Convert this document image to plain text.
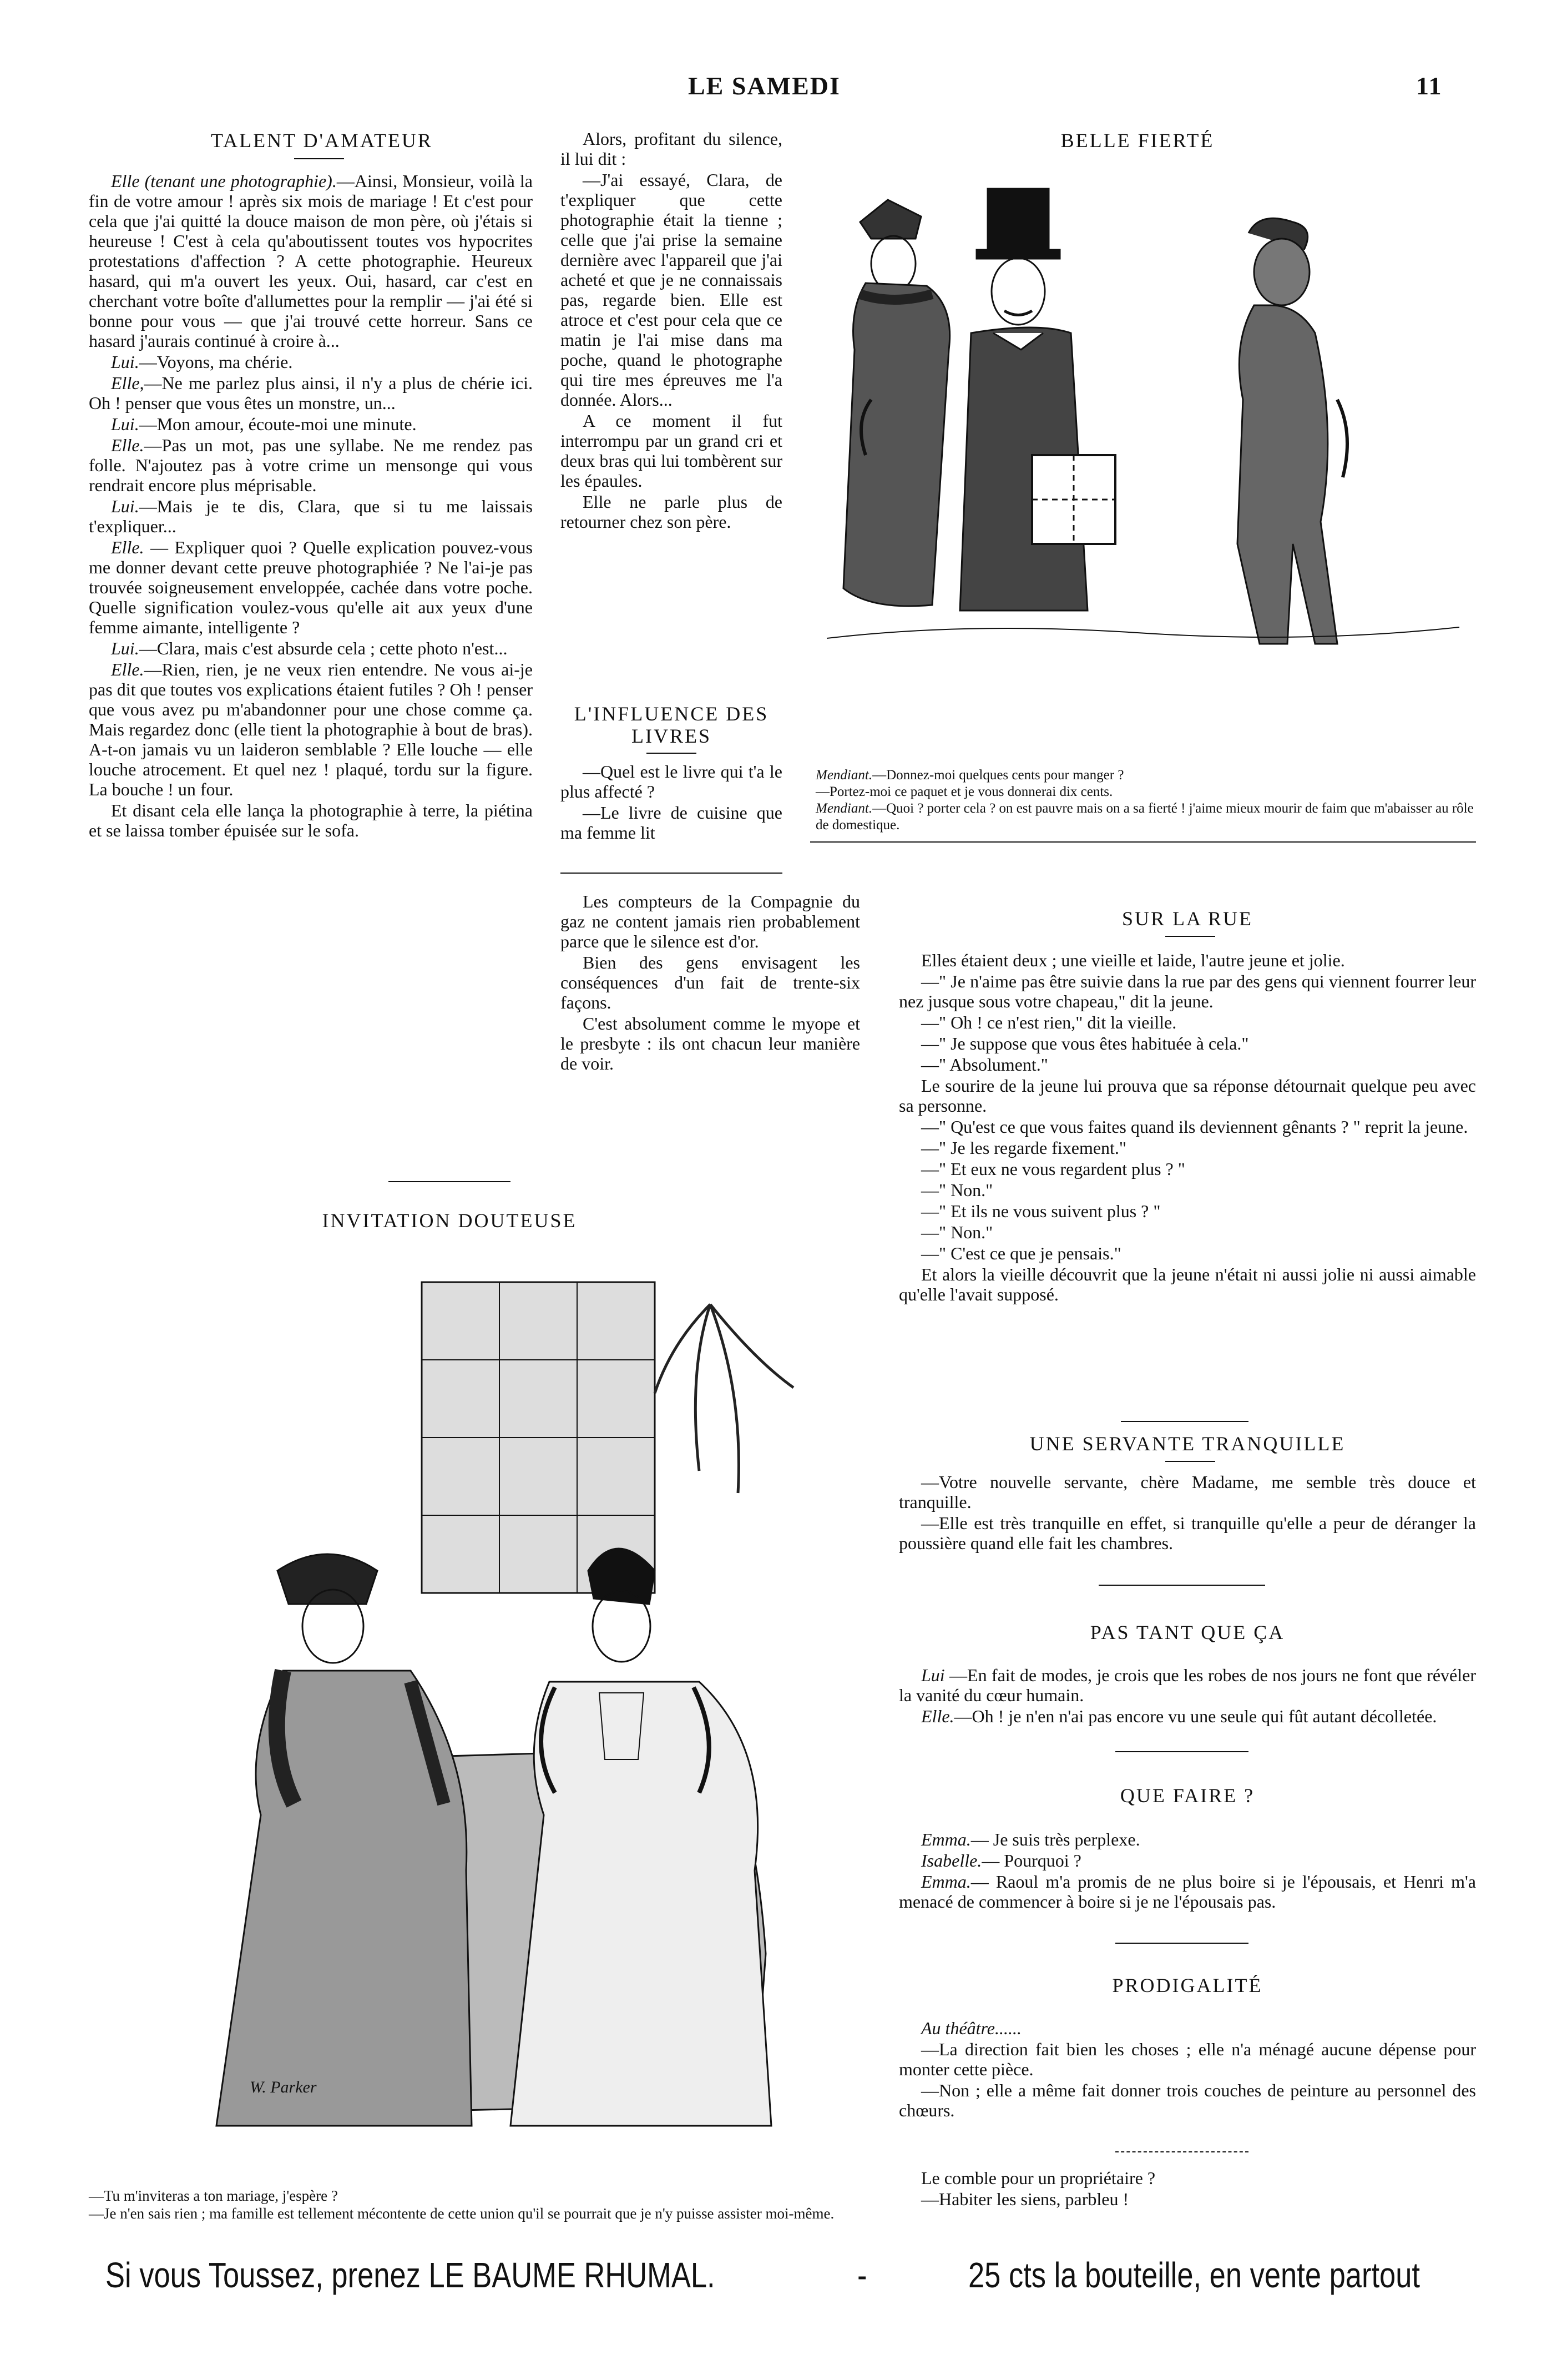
LE SAMEDI	11
TALENT D'AMATEUR

Elle (tenant une photographie).—Ainsi, Monsieur, voilà la fin de votre amour ! après six mois de mariage ! Et c'est pour cela que j'ai quitté la douce maison de mon père, où j'étais si heureuse ! C'est à cela qu'aboutissent toutes vos hypocrites protestations d'affection ? A cette photographie. Heureux hasard, qui m'a ouvert les yeux. Oui, hasard, car c'est en cherchant votre boîte d'allumettes pour la remplir — j'ai été si bonne pour vous — que j'ai trouvé cette horreur. Sans ce hasard j'aurais continué à croire à...

Lui.—Voyons, ma chérie.

Elle,—Ne me parlez plus ainsi, il n'y a plus de chérie ici. Oh ! penser que vous êtes un monstre, un...

Lui.—Mon amour, écoute-moi une minute.

Elle.—Pas un mot, pas une syllabe. Ne me rendez pas folle. N'ajoutez pas à votre crime un mensonge qui vous rendrait encore plus méprisable.

Lui.—Mais je te dis, Clara, que si tu me laissais t'expliquer...

Elle. — Expliquer quoi ? Quelle explication pouvez-vous me donner devant cette preuve photographiée ? Ne l'ai-je pas trouvée soigneusement enveloppée, cachée dans votre poche. Quelle signification voulez-vous qu'elle ait aux yeux d'une femme aimante, intelligente ?

Lui.—Clara, mais c'est absurde cela ; cette photo n'est...

Elle.—Rien, rien, je ne veux rien entendre. Ne vous ai-je pas dit que toutes vos explications étaient futiles ? Oh ! penser que vous avez pu m'abandonner pour une chose comme ça. Mais regardez donc (elle tient la photographie à bout de bras). A-t-on jamais vu un laideron semblable ? Elle louche — elle louche atrocement. Et quel nez ! plaqué, tordu sur la figure. La bouche ! un four.

Et disant cela elle lança la photographie à terre, la piétina et se laissa tomber épuisée sur le sofa.

Alors, profitant du silence, il lui dit :

—J'ai essayé, Clara, de t'expliquer que cette photographie était la tienne ; celle que j'ai prise la semaine dernière avec l'appareil que j'ai acheté et que je ne connaissais pas, regarde bien. Elle est atroce et c'est pour cela que ce matin je l'ai mise dans ma poche, quand le photographe qui tire mes épreuves me l'a donnée. Alors...

A ce moment il fut interrompu par un grand cri et deux bras qui lui tombèrent sur les épaules.

Elle ne parle plus de retourner chez son père.

L'INFLUENCE DES LIVRES

—Quel est le livre qui t'a le plus affecté ?

—Le livre de cuisine que ma femme lit

Les compteurs de la Compagnie du gaz ne content jamais rien probablement parce que le silence est d'or.

Bien des gens envisagent les conséquences d'un fait de trente-six façons.

C'est absolument comme le myope et le presbyte : ils ont chacun leur manière de voir.

BELLE FIERTÉ

Mendiant.—Donnez-moi quelques cents pour manger ?

—Portez-moi ce paquet et je vous donnerai dix cents.

Mendiant.—Quoi ? porter cela ? on est pauvre mais on a sa fierté ! j'aime mieux mourir de faim que m'abaisser au rôle de domestique.

INVITATION DOUTEUSE
W. Parker

—Tu m'inviteras a ton mariage, j'espère ?

—Je n'en sais rien ; ma famille est tellement mécontente de cette union qu'il se pourrait que je n'y puisse assister moi-même.

SUR LA RUE

Elles étaient deux ; une vieille et laide, l'autre jeune et jolie.

—" Je n'aime pas être suivie dans la rue par des gens qui viennent fourrer leur nez jusque sous votre chapeau," dit la jeune.

—" Oh ! ce n'est rien," dit la vieille.

—" Je suppose que vous êtes habituée à cela."

—" Absolument."

Le sourire de la jeune lui prouva que sa réponse détournait quelque peu avec sa personne.

—" Qu'est ce que vous faites quand ils deviennent gênants ? " reprit la jeune.

—" Je les regarde fixement."

—" Et eux ne vous regardent plus ? "

—" Non."

—" Et ils ne vous suivent plus ? "

—" Non."

—" C'est ce que je pensais."

Et alors la vieille découvrit que la jeune n'était ni aussi jolie ni aussi aimable qu'elle l'avait supposé.

UNE SERVANTE TRANQUILLE

—Votre nouvelle servante, chère Madame, me semble très douce et tranquille.

—Elle est très tranquille en effet, si tranquille qu'elle a peur de déranger la poussière quand elle fait les chambres.

PAS TANT QUE ÇA

Lui —En fait de modes, je crois que les robes de nos jours ne font que révéler la vanité du cœur humain.

Elle.—Oh ! je n'en n'ai pas encore vu une seule qui fût autant décolletée.

QUE FAIRE ?

Emma.— Je suis très perplexe.

Isabelle.— Pourquoi ?

Emma.— Raoul m'a promis de ne plus boire si je l'épousais, et Henri m'a menacé de commencer à boire si je ne l'épousais pas.

PRODIGALITÉ

Au théâtre......

—La direction fait bien les choses ; elle n'a ménagé aucune dépense pour monter cette pièce.

—Non ; elle a même fait donner trois couches de peinture au personnel des chœurs.

Le comble pour un propriétaire ?

—Habiter les siens, parbleu !

Si vous Toussez, prenez LE BAUME RHUMAL.	-	25 cts la bouteille, en vente partout
